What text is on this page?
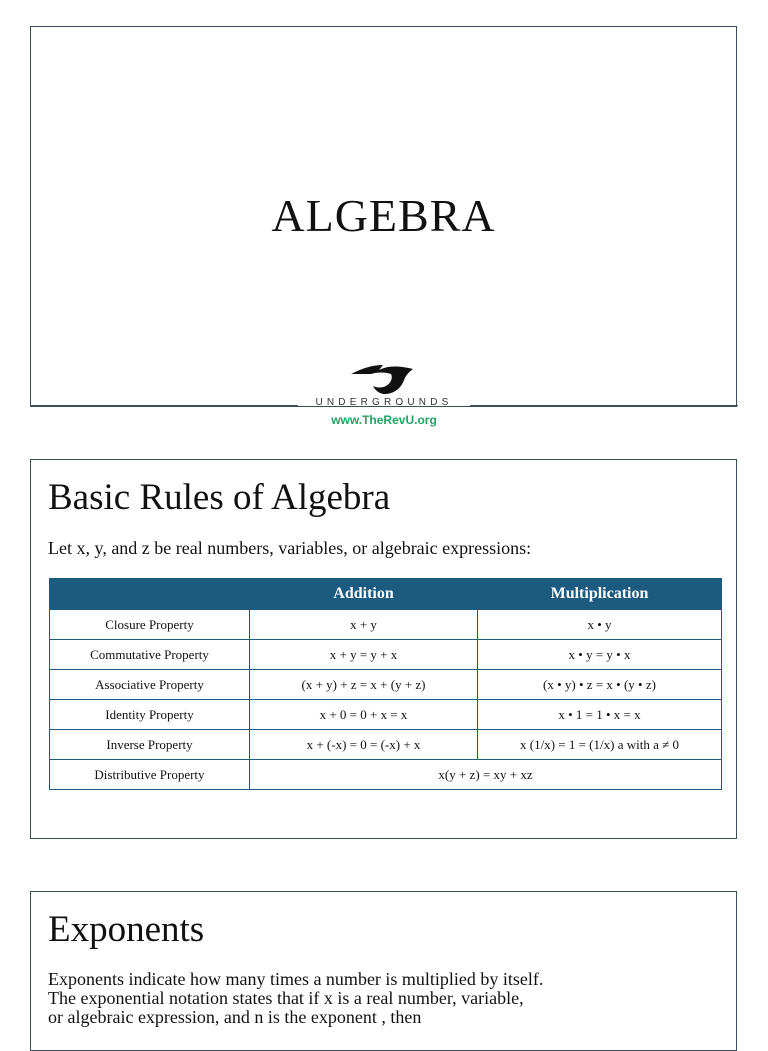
ALGEBRA
UNDERGROUNDS
www.TheRevU.org
Basic Rules of Algebra
Let x, y, and z be real numbers, variables, or algebraic expressions:
	Addition	Multiplication
Closure Property	x + y	x • y
Commutative Property	x + y = y + x	x • y = y • x
Associative Property	(x + y) + z = x + (y + z)	(x • y) • z = x • (y • z)
Identity Property	x + 0 = 0 + x = x	x • 1 = 1 • x = x
Inverse Property	x + (-x) = 0 = (-x) + x	x (1/x) = 1 = (1/x) a with a ≠ 0
Distributive Property	x(y + z) = xy + xz	
Exponents
Exponents indicate how many times a number is multiplied by itself.
The exponential notation states that if x is a real number, variable,
or algebraic expression, and n is the exponent , then
